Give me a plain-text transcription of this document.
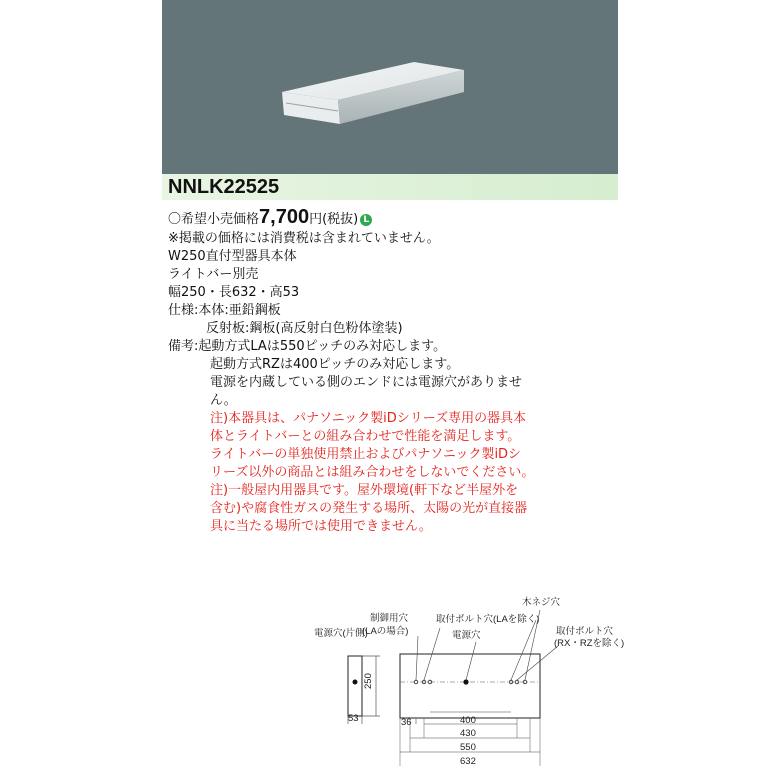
NNLK22525
〇希望小売価格7,700円(税抜) L
※掲載の価格には消費税は含まれていません。
W250直付型器具本体
ライトバー別売
幅250・長632・高53
仕様:本体:亜鉛鋼板
反射板:鋼板(高反射白色粉体塗装)
備考:起動方式LAは550ピッチのみ対応します。
起動方式RZは400ピッチのみ対応します。
電源を内蔵している側のエンドには電源穴がありませ
ん。
注)本器具は、パナソニック製iDシリーズ専用の器具本
体とライトバーとの組み合わせで性能を満足します。
ライトバーの単独使用禁止およびパナソニック製iDシ
リーズ以外の商品とは組み合わせをしないでください。
注)一般屋内用器具です。屋外環境(軒下など半屋外を
含む)や腐食性ガスの発生する場所、太陽の光が直接器
具に当たる場所では使用できません。
250
53
木ネジ穴
制御用穴
(LAの場合)
取付ボルト穴(LAを除く)
電源穴(片側)	電源穴	取付ボルト穴
(RX・RZを除く)
36	400
430
550
632
